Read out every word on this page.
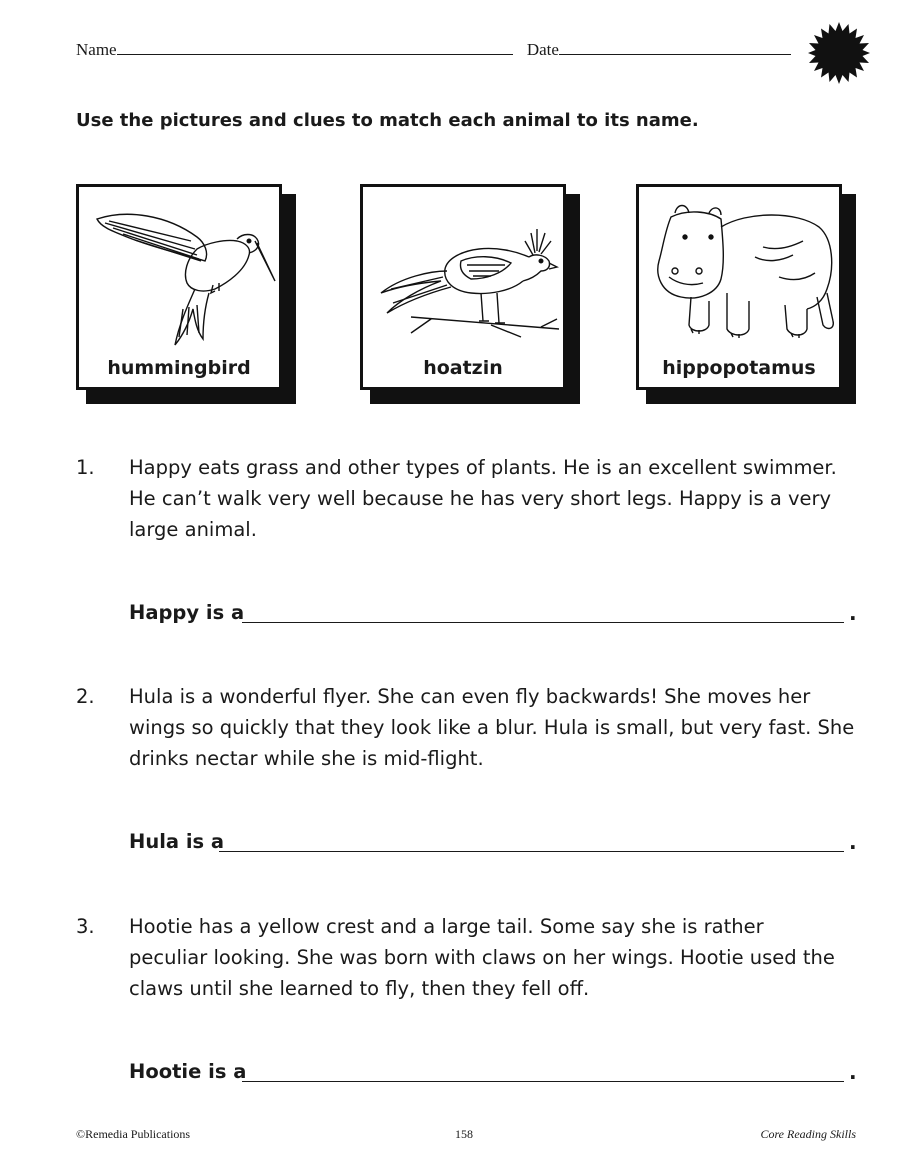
Name	Date
Use the pictures and clues to match each animal to its name.
hummingbird	hoatzin	hippopotamus
1. Happy eats grass and other types of plants. He is an excellent swimmer.
He can’t walk very well because he has very short legs. Happy is a very
large animal.
Happy is a	.
2. Hula is a wonderful flyer. She can even fly backwards! She moves her
wings so quickly that they look like a blur. Hula is small, but very fast. She
drinks nectar while she is mid-flight.
Hula is a	.
3. Hootie has a yellow crest and a large tail. Some say she is rather
peculiar looking. She was born with claws on her wings. Hootie used the
claws until she learned to fly, then they fell off.
Hootie is a	.
©Remedia Publications	158	Core Reading Skills
